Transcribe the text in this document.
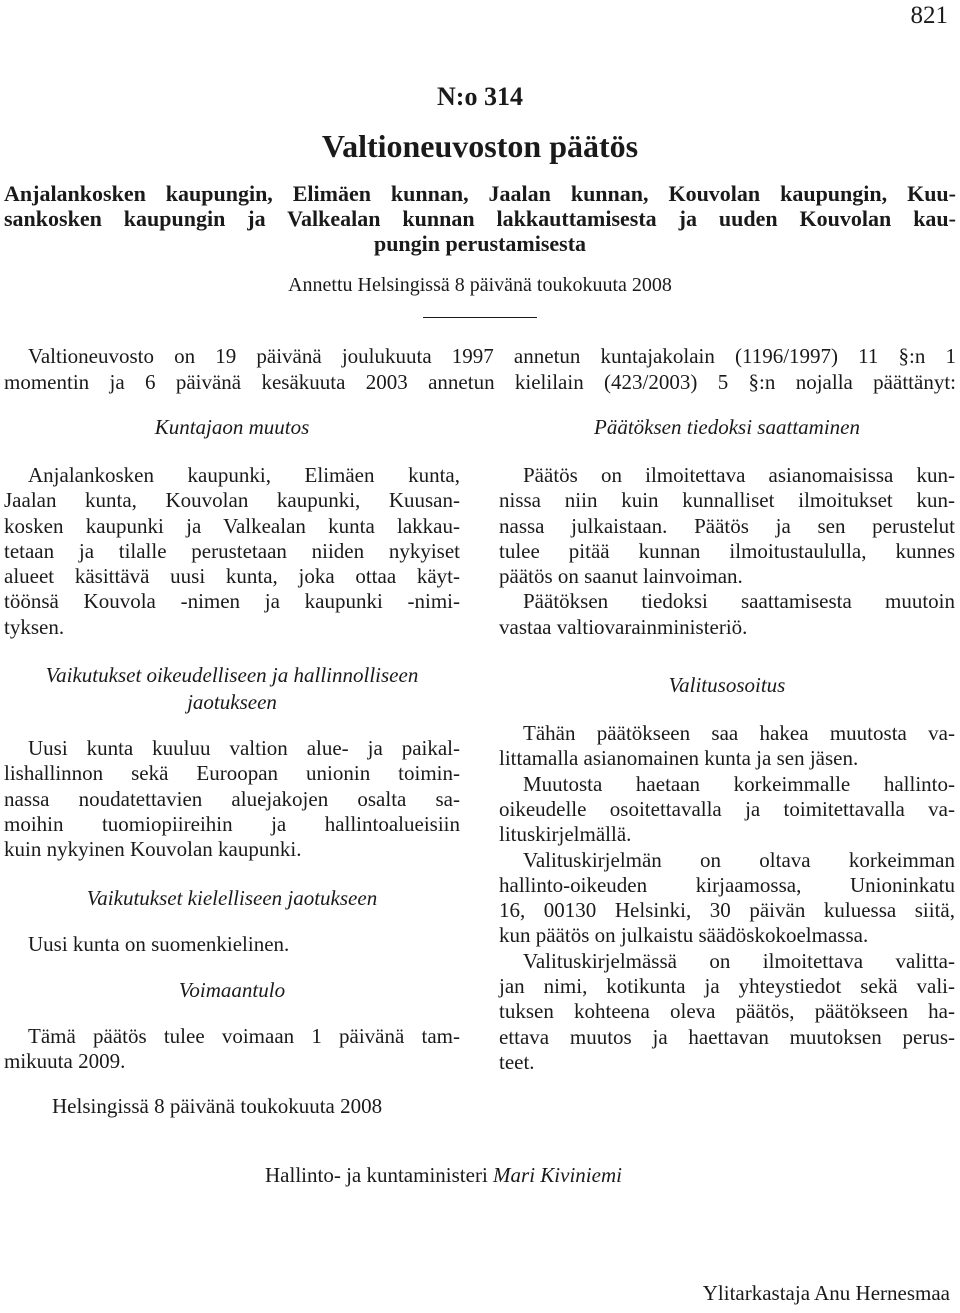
821
N:o 314
Valtioneuvoston päätös
Anjalankosken kaupungin, Elimäen kunnan, Jaalan kunnan, Kouvolan kaupungin, Kuu-
sankosken kaupungin ja Valkealan kunnan lakkauttamisesta ja uuden Kouvolan kau-
pungin perustamisesta
Annettu Helsingissä 8 päivänä toukokuuta 2008
Valtioneuvosto on 19 päivänä joulukuuta 1997 annetun kuntajakolain (1196/1997) 11 §:n 1
momentin ja 6 päivänä kesäkuuta 2003 annetun kielilain (423/2003) 5 §:n nojalla päättänyt:

Kuntajaon muutos

Anjalankosken kaupunki, Elimäen kunta,
Jaalan kunta, Kouvolan kaupunki, Kuusan-
kosken kaupunki ja Valkealan kunta lakkau-
tetaan ja tilalle perustetaan niiden nykyiset
alueet käsittävä uusi kunta, joka ottaa käyt-
töönsä Kouvola -nimen ja kaupunki -nimi-
tyksen.

Vaikutukset oikeudelliseen ja hallinnolliseen
jaotukseen

Uusi kunta kuuluu valtion alue- ja paikal-
lishallinnon sekä Euroopan unionin toimin-
nassa noudatettavien aluejakojen osalta sa-
moihin tuomiopiireihin ja hallintoalueisiin
kuin nykyinen Kouvolan kaupunki.

Vaikutukset kielelliseen jaotukseen

Uusi kunta on suomenkielinen.

Voimaantulo

Tämä päätös tulee voimaan 1 päivänä tam-
mikuuta 2009.

Päätöksen tiedoksi saattaminen

Päätös on ilmoitettava asianomaisissa kun-
nissa niin kuin kunnalliset ilmoitukset kun-
nassa julkaistaan. Päätös ja sen perustelut
tulee pitää kunnan ilmoitustaululla, kunnes
päätös on saanut lainvoiman.

Päätöksen tiedoksi saattamisesta muutoin
vastaa valtiovarainministeriö.

Valitusosoitus

Tähän päätökseen saa hakea muutosta va-
littamalla asianomainen kunta ja sen jäsen.

Muutosta haetaan korkeimmalle hallinto-
oikeudelle osoitettavalla ja toimitettavalla va-
lituskirjelmällä.

Valituskirjelmän on oltava korkeimman
hallinto-oikeuden kirjaamossa, Unioninkatu
16, 00130 Helsinki, 30 päivän kuluessa siitä,
kun päätös on julkaistu säädöskokoelmassa.

Valituskirjelmässä on ilmoitettava valitta-
jan nimi, kotikunta ja yhteystiedot sekä vali-
tuksen kohteena oleva päätös, päätökseen ha-
ettava muutos ja haettavan muutoksen perus-
teet.

Helsingissä 8 päivänä toukokuuta 2008
Hallinto- ja kuntaministeri Mari Kiviniemi
Ylitarkastaja Anu Hernesmaa
